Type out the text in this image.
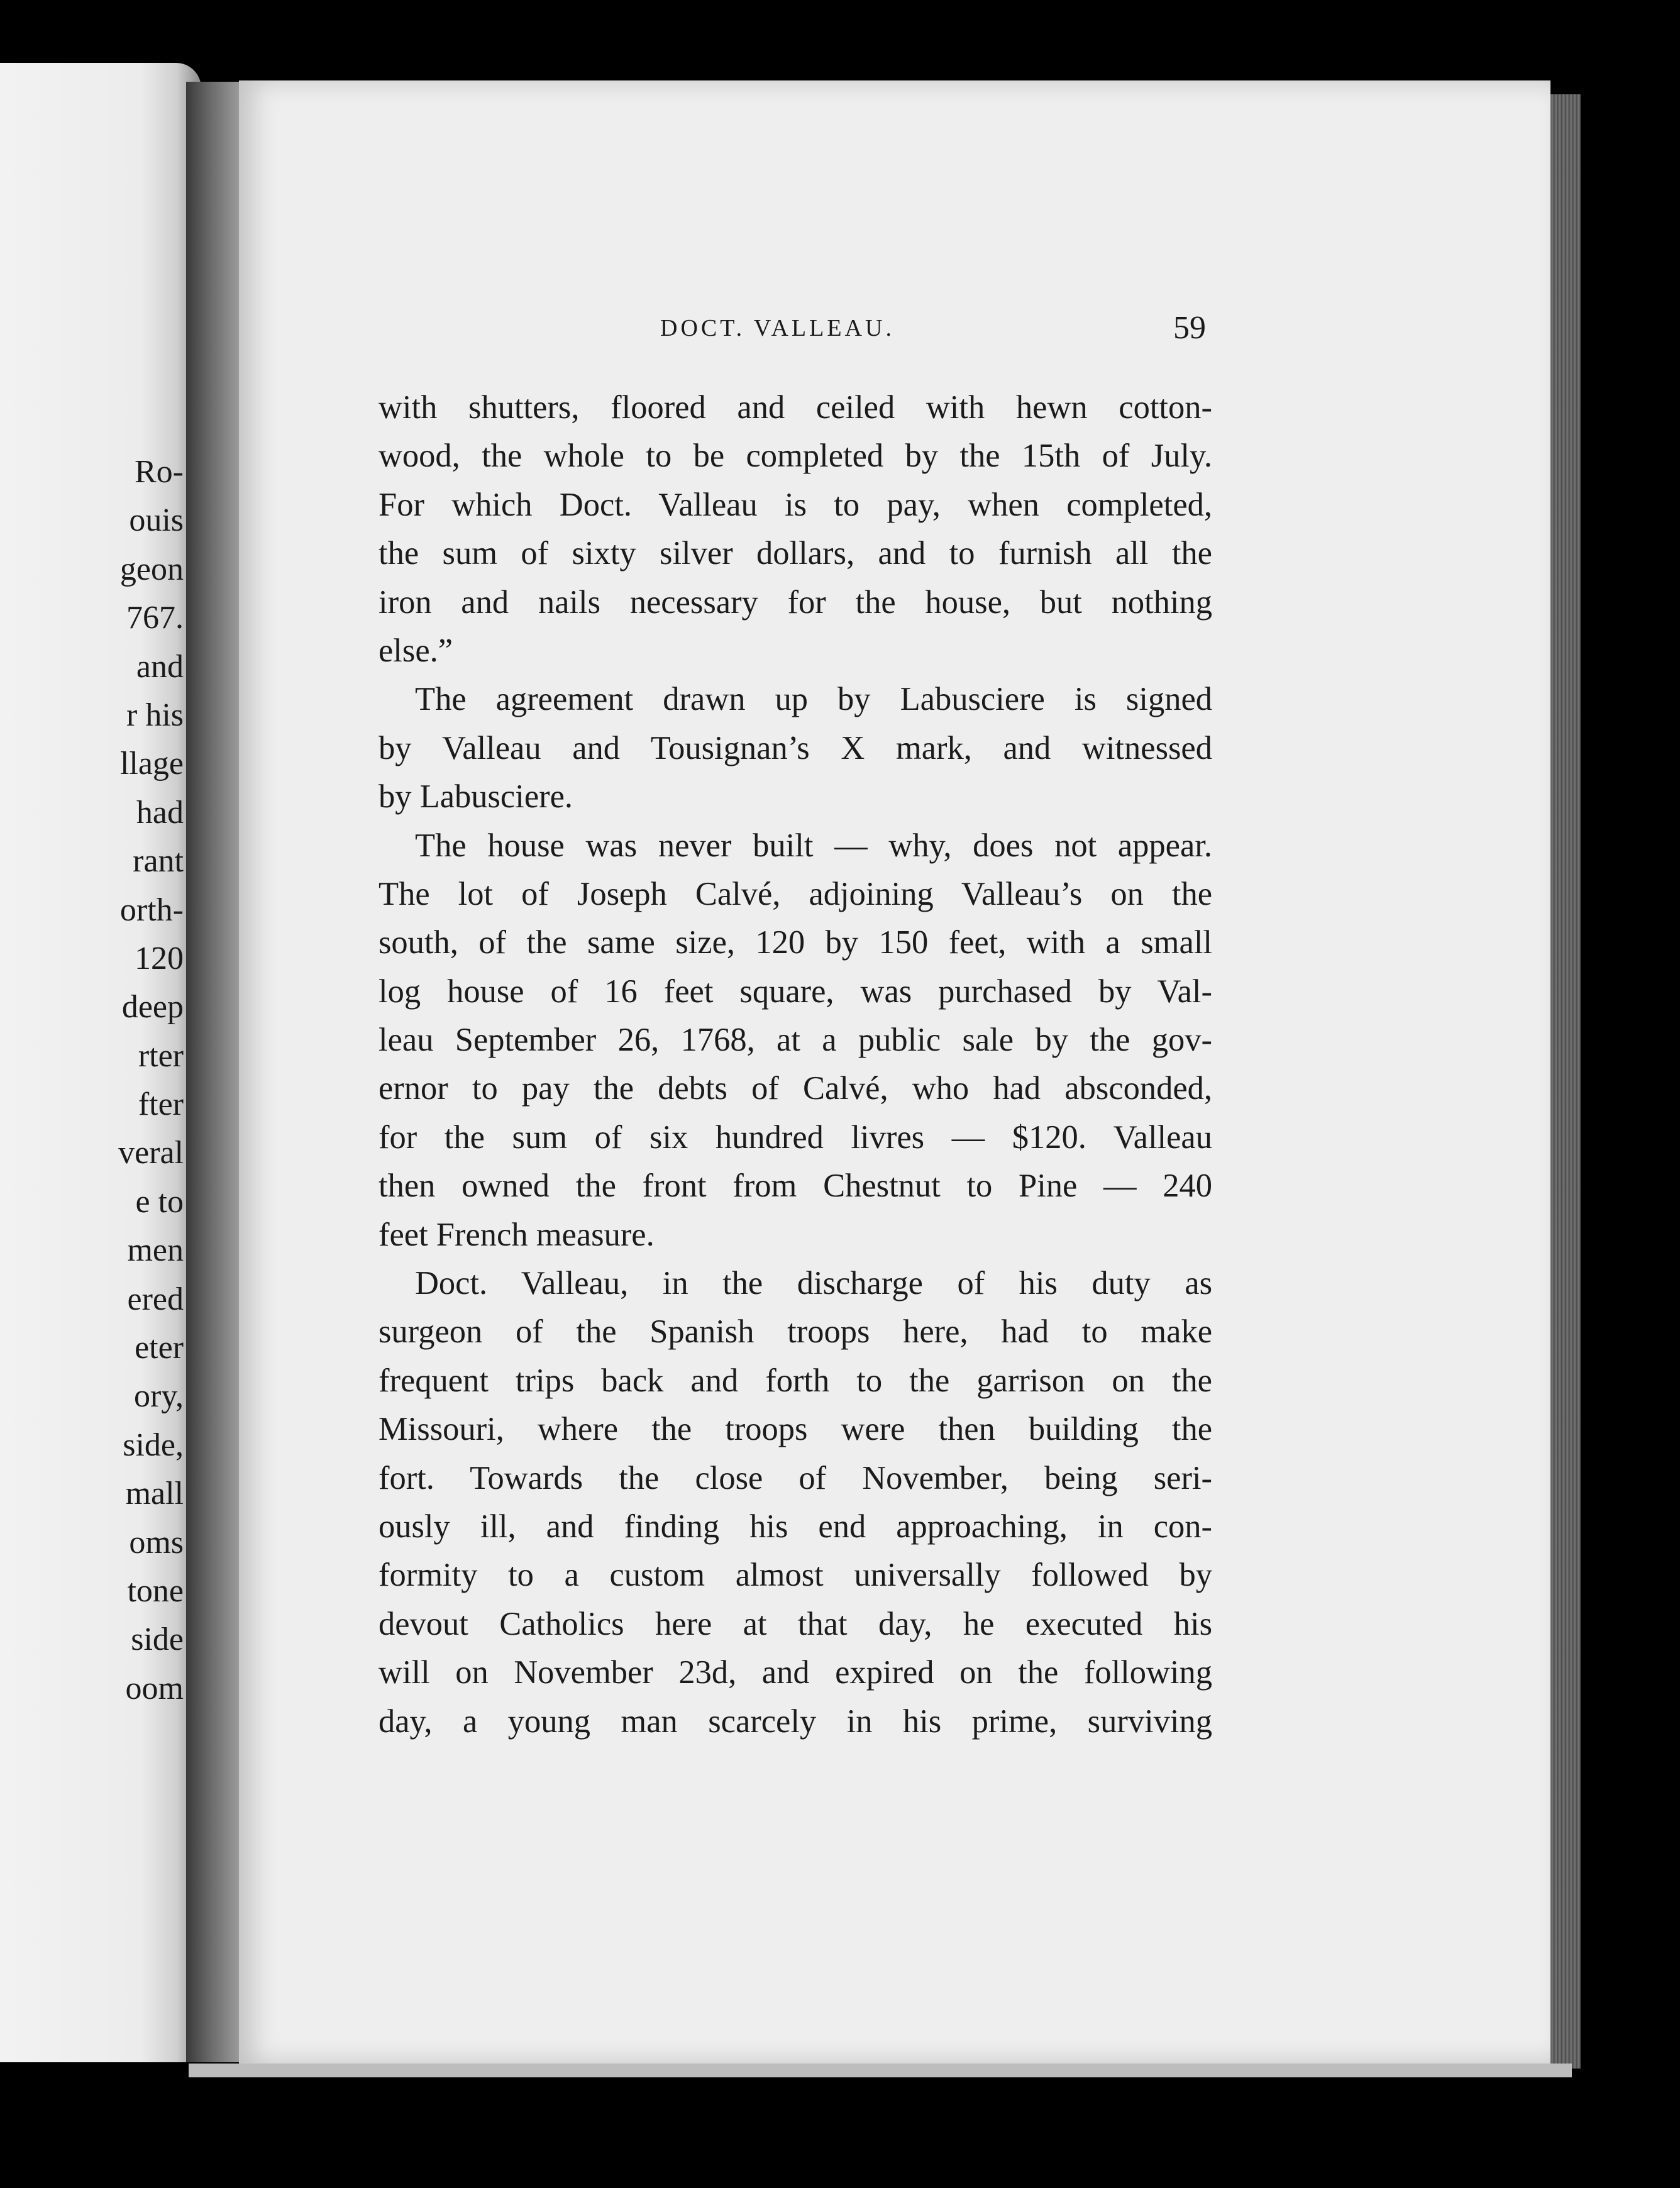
Ro-
ouis
geon
767.
and
r his
llage
had
rant
orth-
120
deep
rter
fter
veral
e to
men
ered
eter
ory,
side,
mall
oms
tone
side
oom
DOCT. VALLEAU.	59
with shutters, floored and ceiled with hewn cotton-
wood, the whole to be completed by the 15th of July.
For which Doct. Valleau is to pay, when completed,
the sum of sixty silver dollars, and to furnish all the
iron and nails necessary for the house, but nothing
else.”
The agreement drawn up by Labusciere is signed
by Valleau and Tousignan’s X mark, and witnessed
by Labusciere.
The house was never built — why, does not appear.
The lot of Joseph Calvé, adjoining Valleau’s on the
south, of the same size, 120 by 150 feet, with a small
log house of 16 feet square, was purchased by Val-
leau September 26, 1768, at a public sale by the gov-
ernor to pay the debts of Calvé, who had absconded,
for the sum of six hundred livres — $120. Valleau
then owned the front from Chestnut to Pine — 240
feet French measure.
Doct. Valleau, in the discharge of his duty as
surgeon of the Spanish troops here, had to make
frequent trips back and forth to the garrison on the
Missouri, where the troops were then building the
fort. Towards the close of November, being seri-
ously ill, and finding his end approaching, in con-
formity to a custom almost universally followed by
devout Catholics here at that day, he executed his
will on November 23d, and expired on the following
day, a young man scarcely in his prime, surviving
